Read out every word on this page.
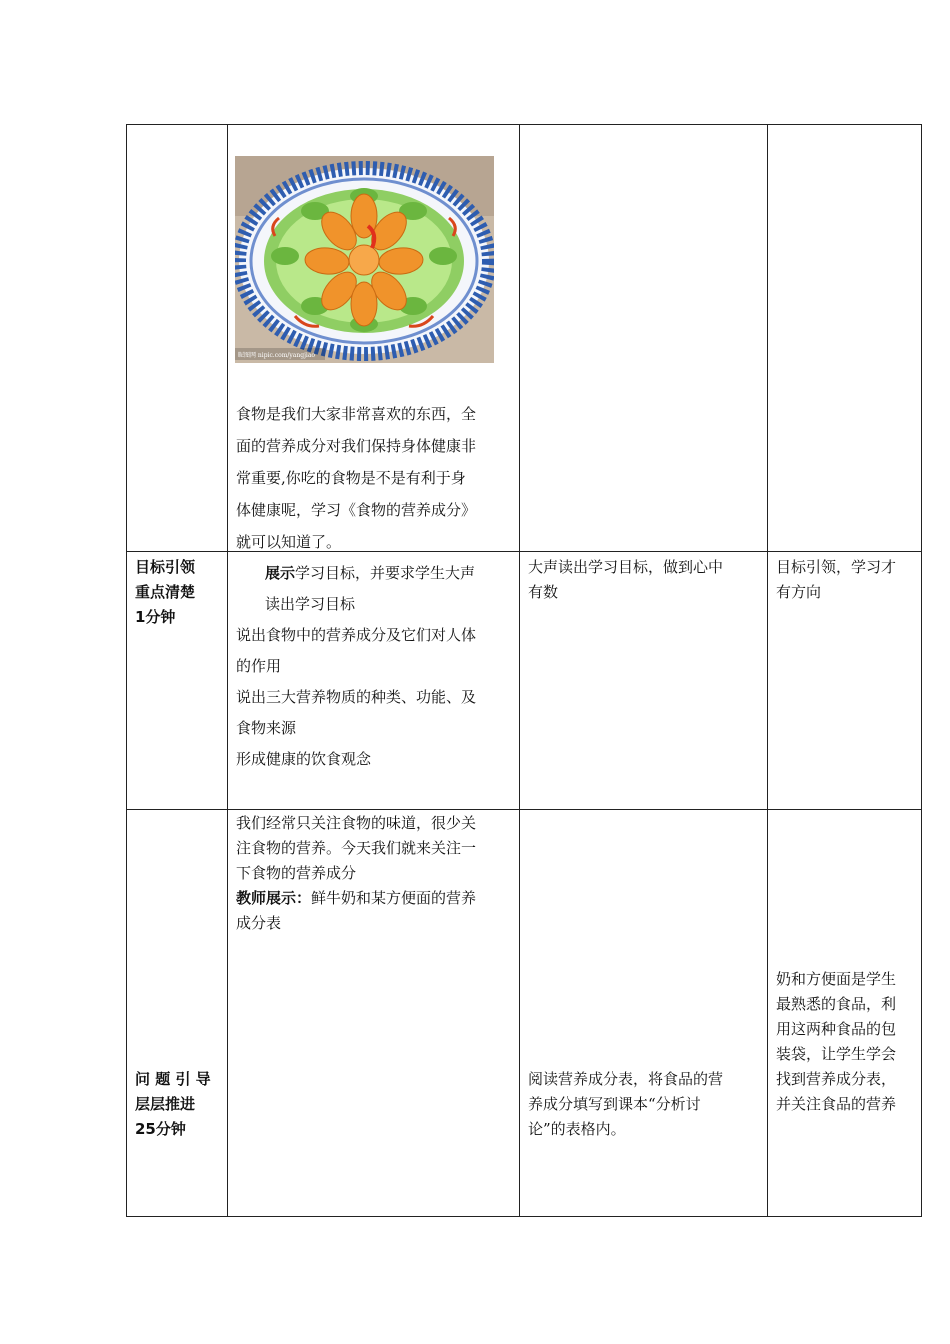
昵图网 nipic.com/yangjiao
食物是我们大家非常喜欢的东西，全
面的营养成分对我们保持身体健康非
常重要,你吃的食物是不是有利于身
体健康呢，学习《食物的营养成分》
就可以知道了。
目标引领
重点清楚
1分钟
展示学习目标，并要求学生大声
读出学习目标
说出食物中的营养成分及它们对人体
的作用
说出三大营养物质的种类、功能、及
食物来源
形成健康的饮食观念
大声读出学习目标，做到心中
有数
目标引领，学习才
有方向
我们经常只关注食物的味道，很少关
注食物的营养。今天我们就来关注一
下食物的营养成分
教师展示：鲜牛奶和某方便面的营养
成分表
奶和方便面是学生
最熟悉的食品，利
用这两种食品的包
装袋，让学生学会
找到营养成分表，
并关注食品的营养
问 题 引 导
层层推进
25分钟
阅读营养成分表，将食品的营
养成分填写到课本“分析讨
论”的表格内。
